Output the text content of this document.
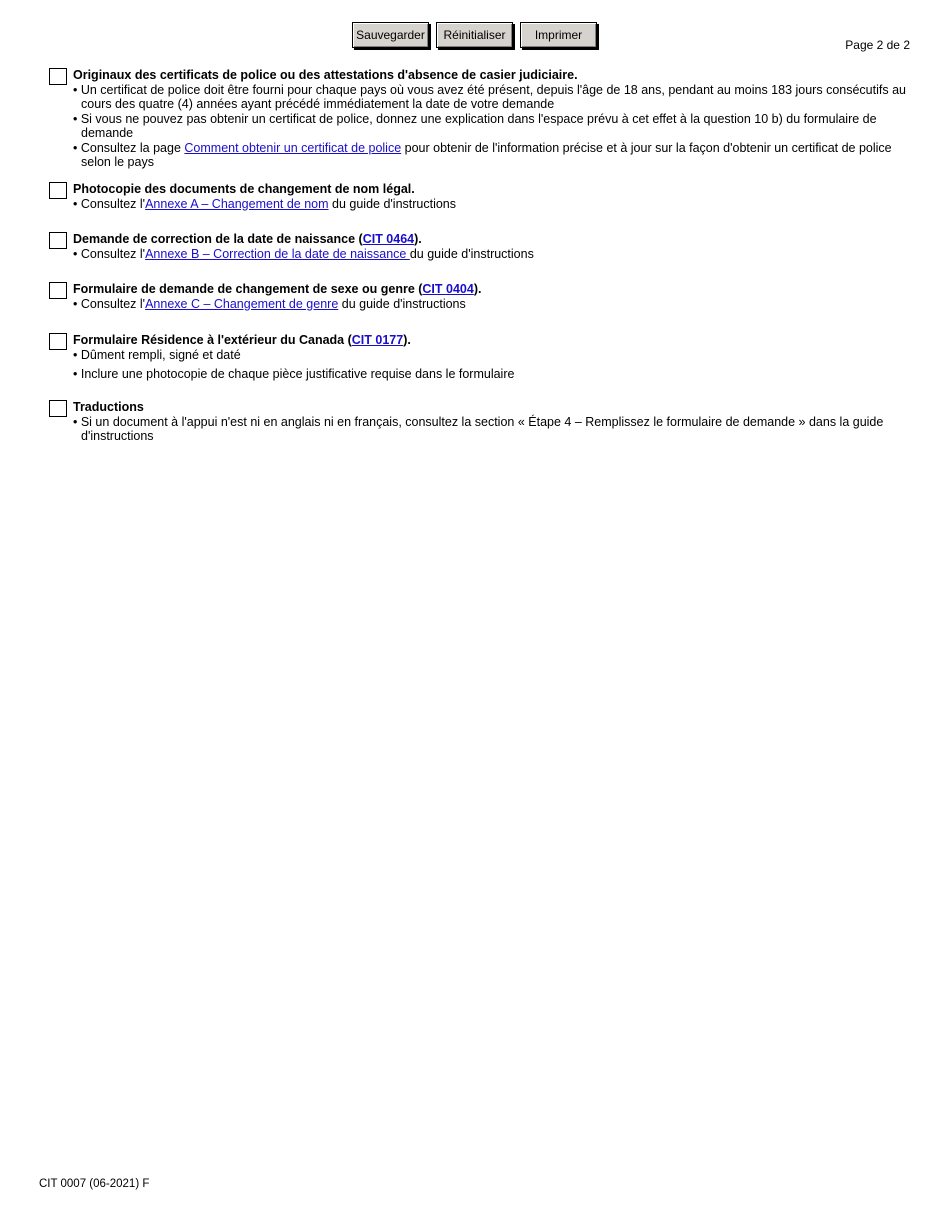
Sauvegarder	Réinitialiser	Imprimer
Page 2 de 2
Originaux des certificats de police ou des attestations d'absence de casier judiciaire.
• Un certificat de police doit être fourni pour chaque pays où vous avez été présent, depuis l'âge de 18 ans, pendant au moins 183 jours consécutifs au cours des quatre (4) années ayant précédé immédiatement la date de votre demande
• Si vous ne pouvez pas obtenir un certificat de police, donnez une explication dans l'espace prévu à cet effet à la question 10 b) du formulaire de demande
• Consultez la page Comment obtenir un certificat de police pour obtenir de l'information précise et à jour sur la façon d'obtenir un certificat de police selon le pays
Photocopie des documents de changement de nom légal.
• Consultez l'Annexe A – Changement de nom du guide d'instructions
Demande de correction de la date de naissance (CIT 0464).
• Consultez l'Annexe B – Correction de la date de naissance du guide d'instructions
Formulaire de demande de changement de sexe ou genre (CIT 0404).
• Consultez l'Annexe C – Changement de genre du guide d'instructions
Formulaire Résidence à l'extérieur du Canada (CIT 0177).
• Dûment rempli, signé et daté
• Inclure une photocopie de chaque pièce justificative requise dans le formulaire
Traductions
• Si un document à l'appui n'est ni en anglais ni en français, consultez la section « Étape 4 – Remplissez le formulaire de demande » dans la guide d'instructions
CIT 0007 (06-2021) F
